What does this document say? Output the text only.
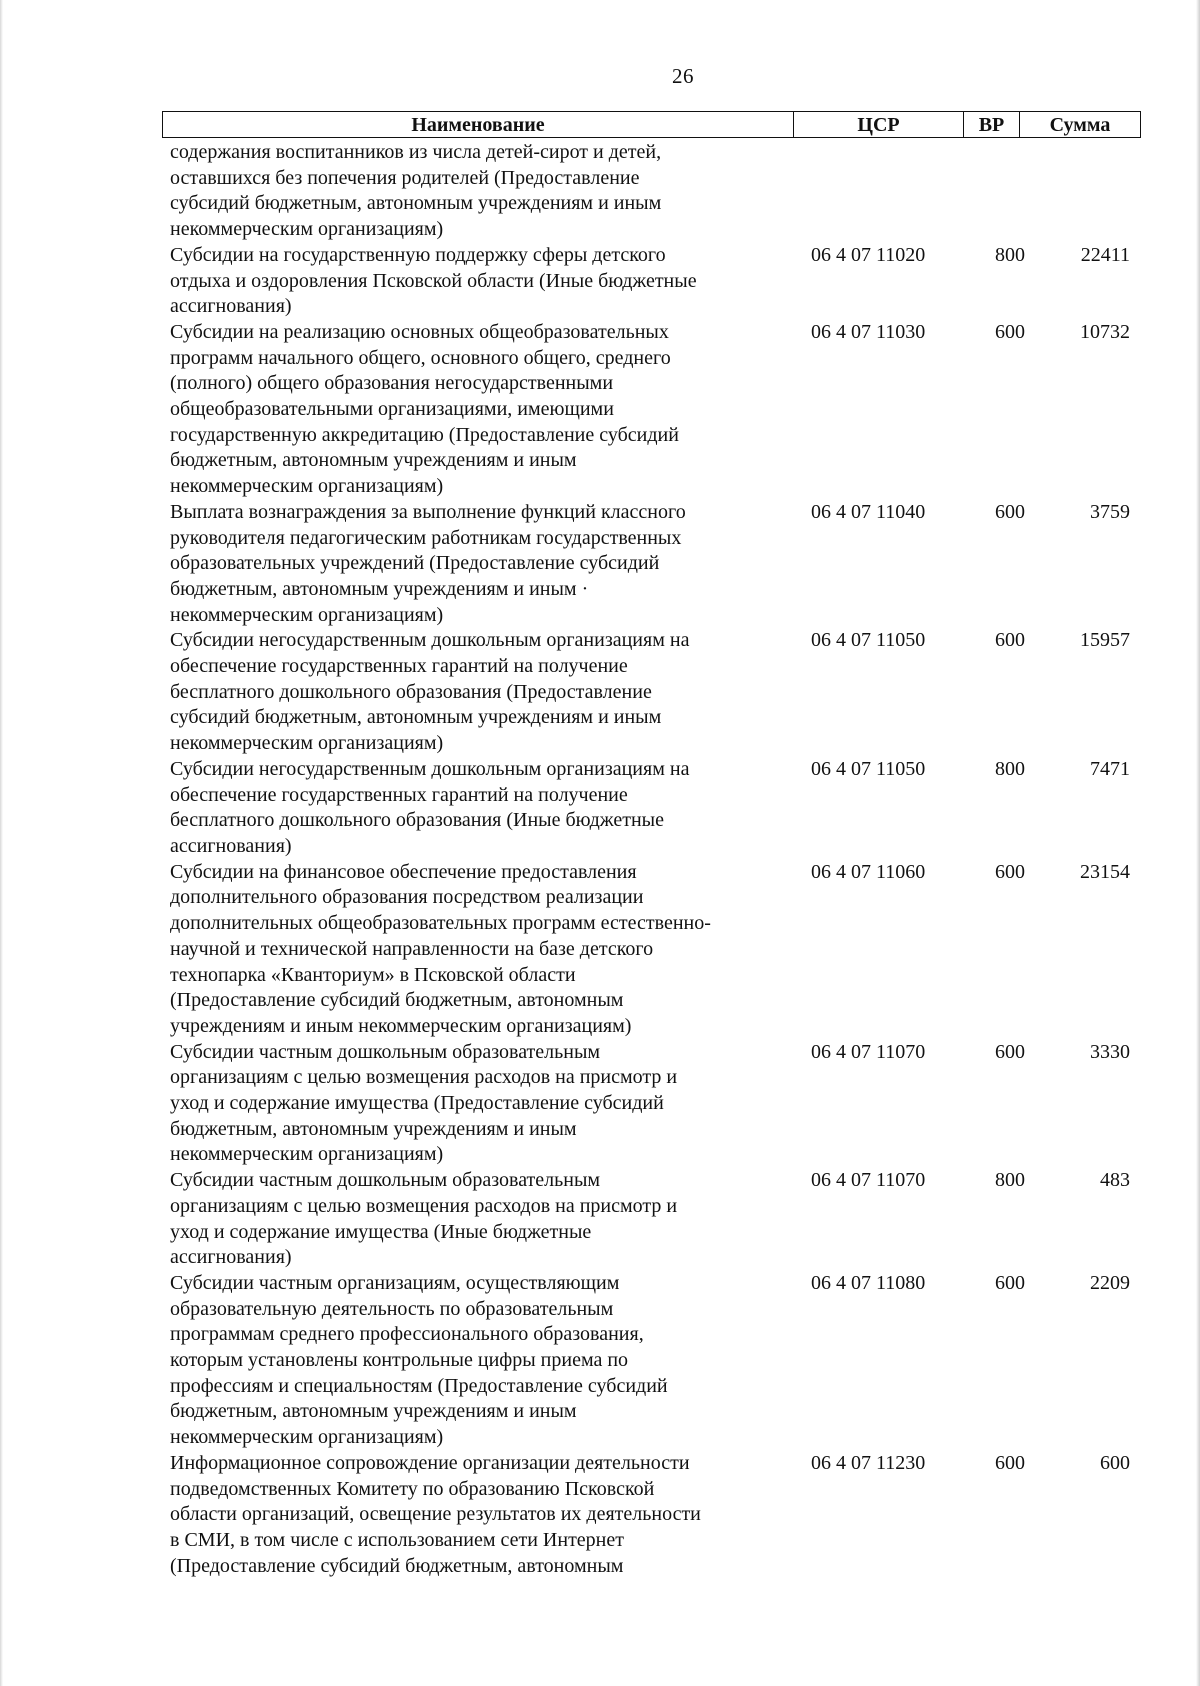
26
Наименование	ЦСР	ВР	Сумма
содержания воспитанников из числа детей-сирот и детей,
оставшихся без попечения родителей (Предоставление
субсидий бюджетным, автономным учреждениям и иным
некоммерческим организациям)
Субсидии на государственную поддержку сферы детского
отдыха и оздоровления Псковской области (Иные бюджетные
ассигнования)
06 4 07 11020	800	22411
Субсидии на реализацию основных общеобразовательных
программ начального общего, основного общего, среднего
(полного) общего образования негосударственными
общеобразовательными организациями, имеющими
государственную аккредитацию (Предоставление субсидий
бюджетным, автономным учреждениям и иным
некоммерческим организациям)
06 4 07 11030	600	10732
Выплата вознаграждения за выполнение функций классного
руководителя педагогическим работникам государственных
образовательных учреждений (Предоставление субсидий
бюджетным, автономным учреждениям и иным ·
некоммерческим организациям)
06 4 07 11040	600	3759
Субсидии негосударственным дошкольным организациям на
обеспечение государственных гарантий на получение
бесплатного дошкольного образования (Предоставление
субсидий бюджетным, автономным учреждениям и иным
некоммерческим организациям)
06 4 07 11050	600	15957
Субсидии негосударственным дошкольным организациям на
обеспечение государственных гарантий на получение
бесплатного дошкольного образования (Иные бюджетные
ассигнования)
06 4 07 11050	800	7471
Субсидии на финансовое обеспечение предоставления
дополнительного образования посредством реализации
дополнительных общеобразовательных программ естественно-
научной и технической направленности на базе детского
технопарка «Кванториум» в Псковской области
(Предоставление субсидий бюджетным, автономным
учреждениям и иным некоммерческим организациям)
06 4 07 11060	600	23154
Субсидии частным дошкольным образовательным
организациям с целью возмещения расходов на присмотр и
уход и содержание имущества (Предоставление субсидий
бюджетным, автономным учреждениям и иным
некоммерческим организациям)
06 4 07 11070	600	3330
Субсидии частным дошкольным образовательным
организациям с целью возмещения расходов на присмотр и
уход и содержание имущества (Иные бюджетные
ассигнования)
06 4 07 11070	800	483
Субсидии частным организациям, осуществляющим
образовательную деятельность по образовательным
программам среднего профессионального образования,
которым установлены контрольные цифры приема по
профессиям и специальностям (Предоставление субсидий
бюджетным, автономным учреждениям и иным
некоммерческим организациям)
06 4 07 11080	600	2209
Информационное сопровождение организации деятельности
подведомственных Комитету по образованию Псковской
области организаций, освещение результатов их деятельности
в СМИ, в том числе с использованием сети Интернет
(Предоставление субсидий бюджетным, автономным
06 4 07 11230	600	600
